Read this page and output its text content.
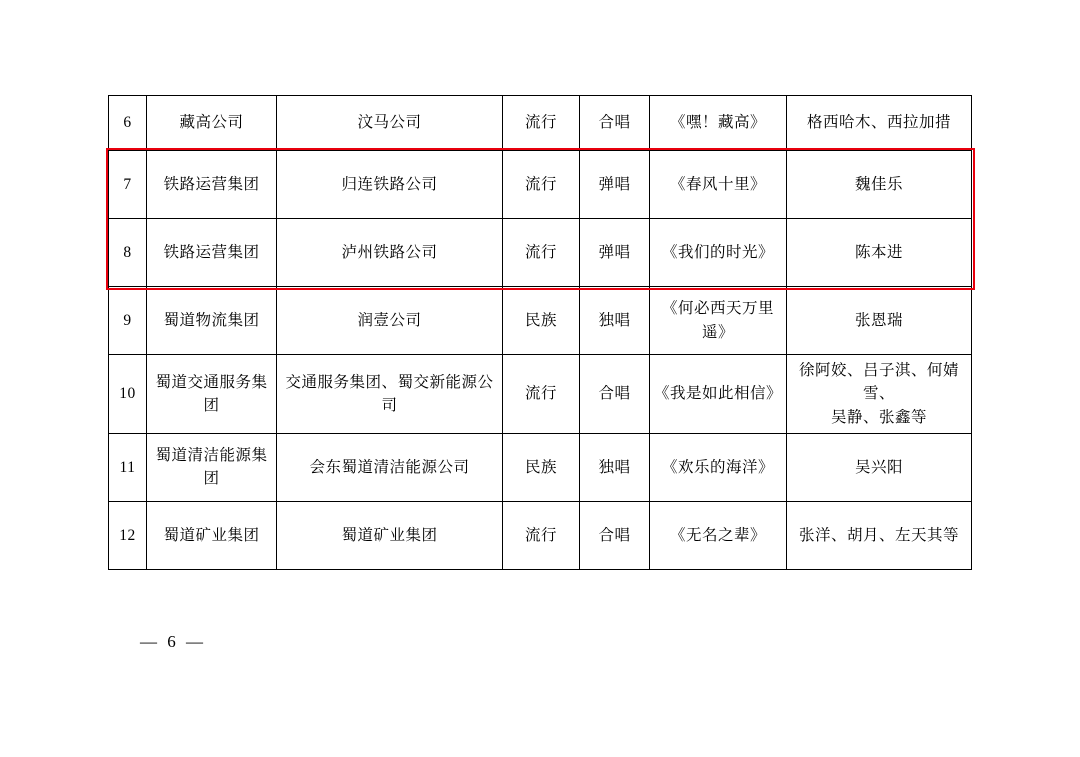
6	藏高公司	汶马公司	流行	合唱	《嘿！藏高》	格西哈木、西拉加措
7	铁路运营集团	归连铁路公司	流行	弹唱	《春风十里》	魏佳乐
8	铁路运营集团	泸州铁路公司	流行	弹唱	《我们的时光》	陈本进
9	蜀道物流集团	润壹公司	民族	独唱	《何必西天万里遥》	张恩瑞
10	蜀道交通服务集团	交通服务集团、蜀交新能源公司	流行	合唱	《我是如此相信》	徐阿姣、吕子淇、何婧雪、
吴静、张鑫等
11	蜀道清洁能源集团	会东蜀道清洁能源公司	民族	独唱	《欢乐的海洋》	吴兴阳
12	蜀道矿业集团	蜀道矿业集团	流行	合唱	《无名之辈》	张洋、胡月、左天其等
— 6 —
